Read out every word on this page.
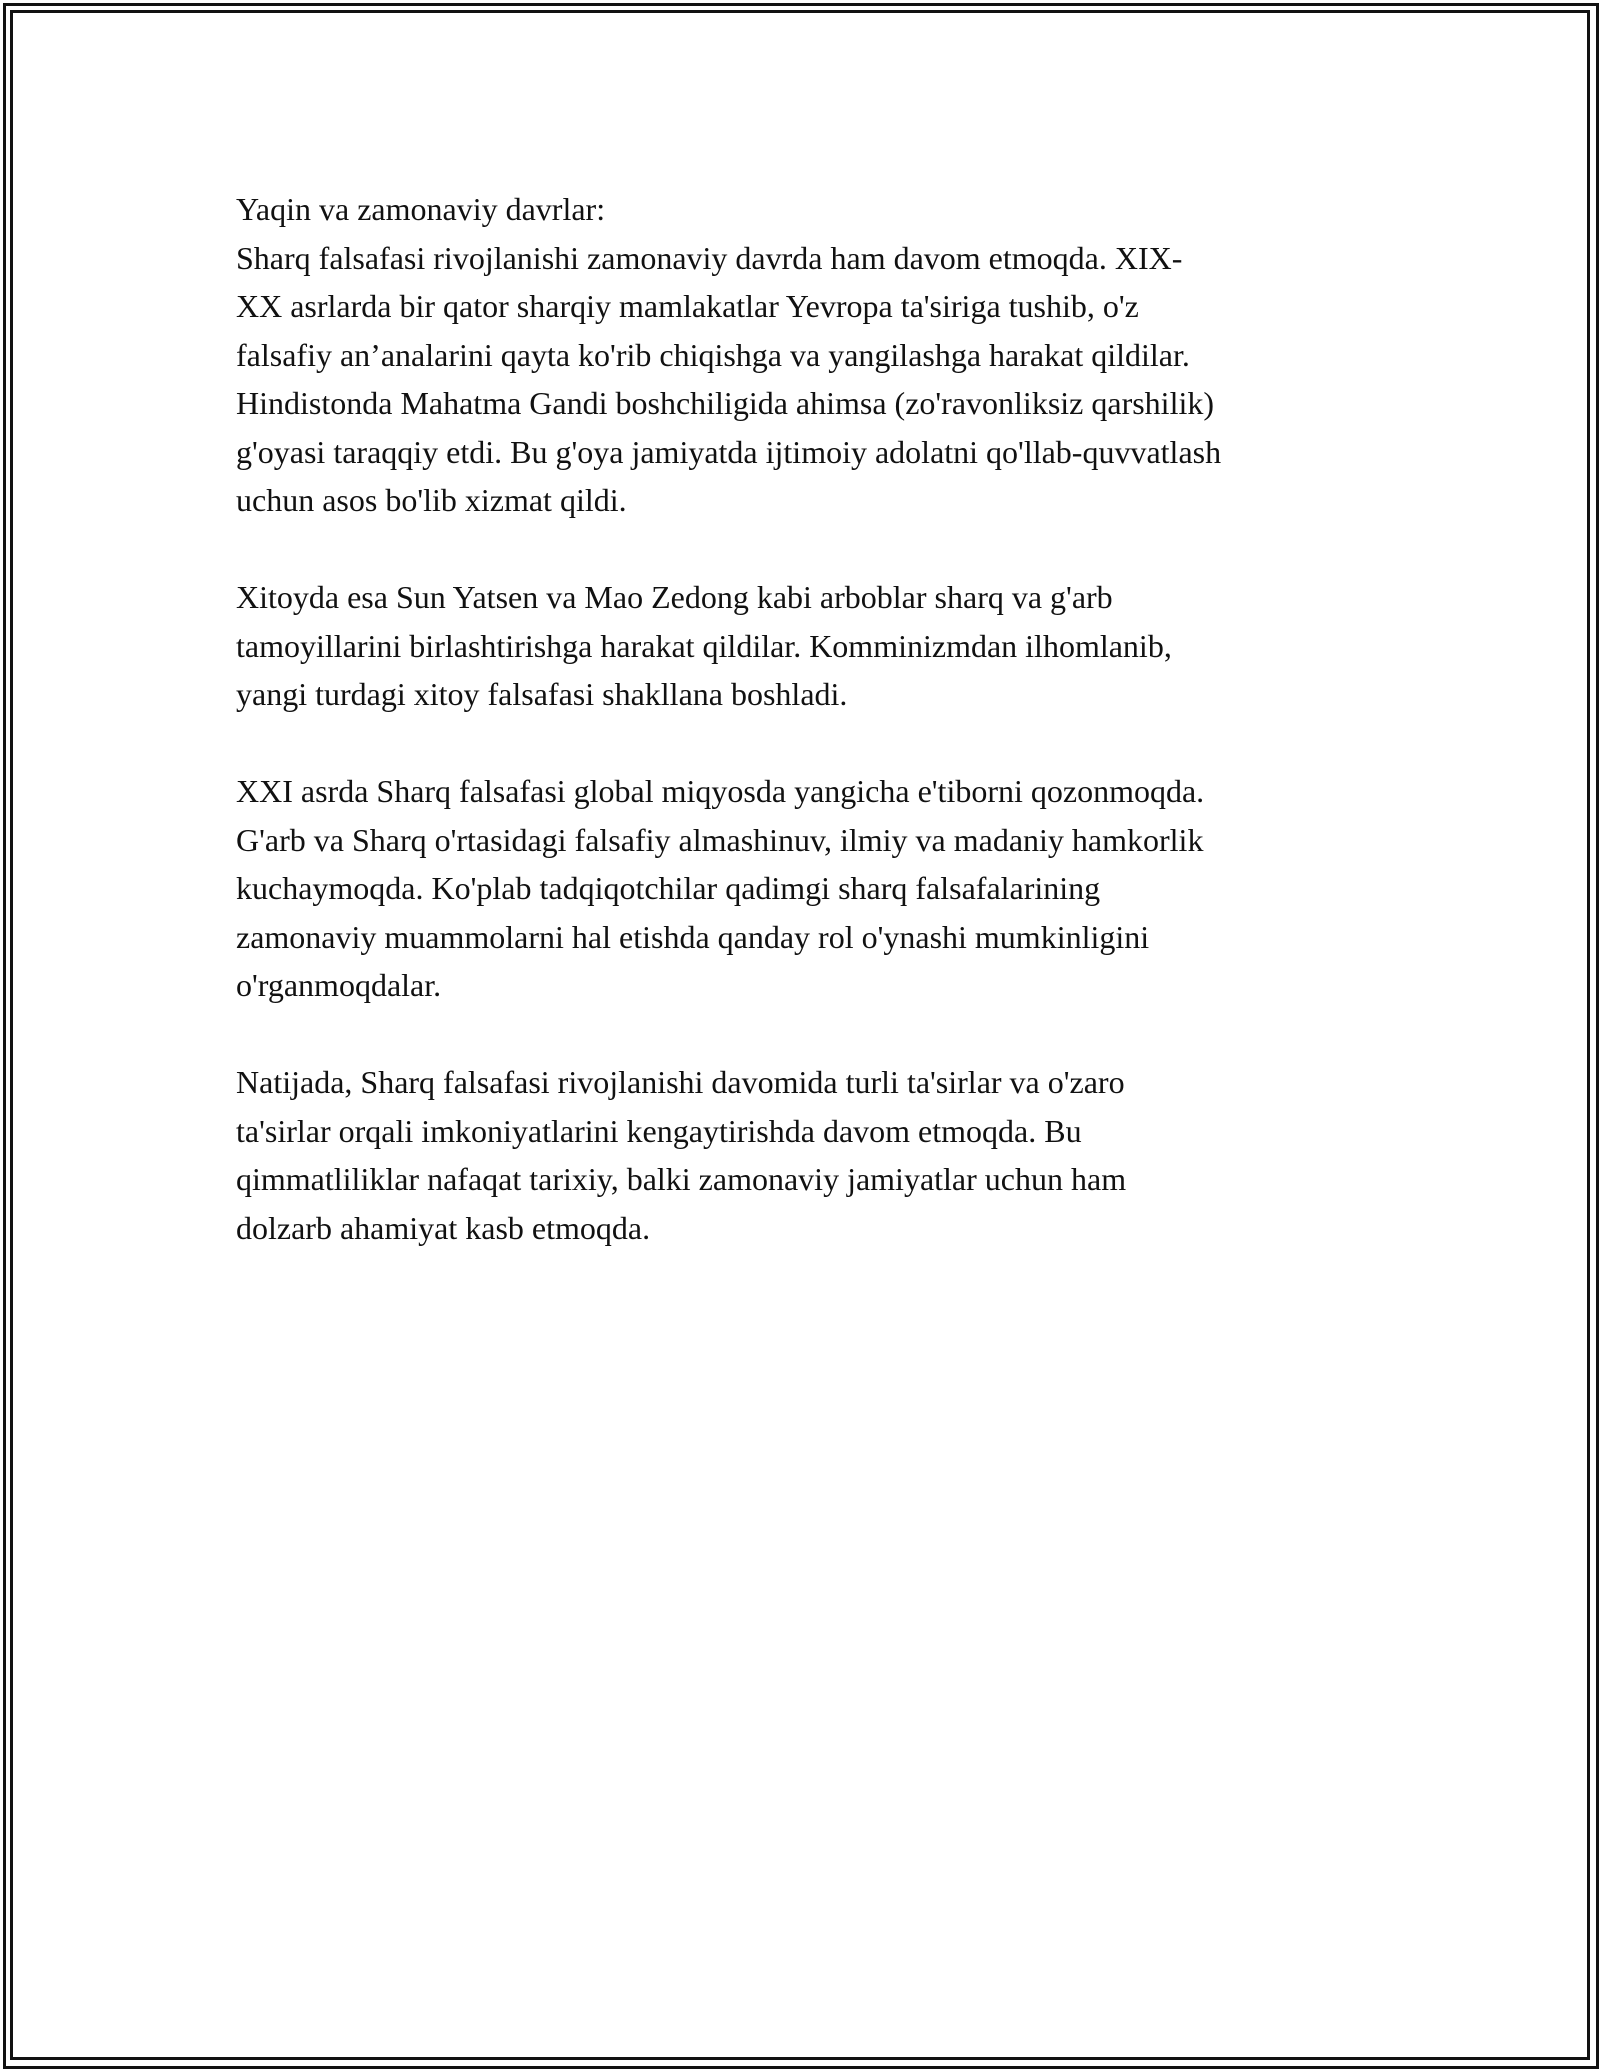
Yaqin va zamonaviy davrlar:
Sharq falsafasi rivojlanishi zamonaviy davrda ham davom etmoqda. XIX-
XX asrlarda bir qator sharqiy mamlakatlar Yevropa ta'siriga tushib, o'z
falsafiy an’analarini qayta ko'rib chiqishga va yangilashga harakat qildilar.
Hindistonda Mahatma Gandi boshchiligida ahimsa (zo'ravonliksiz qarshilik)
g'oyasi taraqqiy etdi. Bu g'oya jamiyatda ijtimoiy adolatni qo'llab-quvvatlash
uchun asos bo'lib xizmat qildi.

Xitoyda esa Sun Yatsen va Mao Zedong kabi arboblar sharq va g'arb
tamoyillarini birlashtirishga harakat qildilar. Komminizmdan ilhomlanib,
yangi turdagi xitoy falsafasi shakllana boshladi.

XXI asrda Sharq falsafasi global miqyosda yangicha e'tiborni qozonmoqda.
G'arb va Sharq o'rtasidagi falsafiy almashinuv, ilmiy va madaniy hamkorlik
kuchaymoqda. Ko'plab tadqiqotchilar qadimgi sharq falsafalarining
zamonaviy muammolarni hal etishda qanday rol o'ynashi mumkinligini
o'rganmoqdalar.

Natijada, Sharq falsafasi rivojlanishi davomida turli ta'sirlar va o'zaro
ta'sirlar orqali imkoniyatlarini kengaytirishda davom etmoqda. Bu
qimmatliliklar nafaqat tarixiy, balki zamonaviy jamiyatlar uchun ham
dolzarb ahamiyat kasb etmoqda.
